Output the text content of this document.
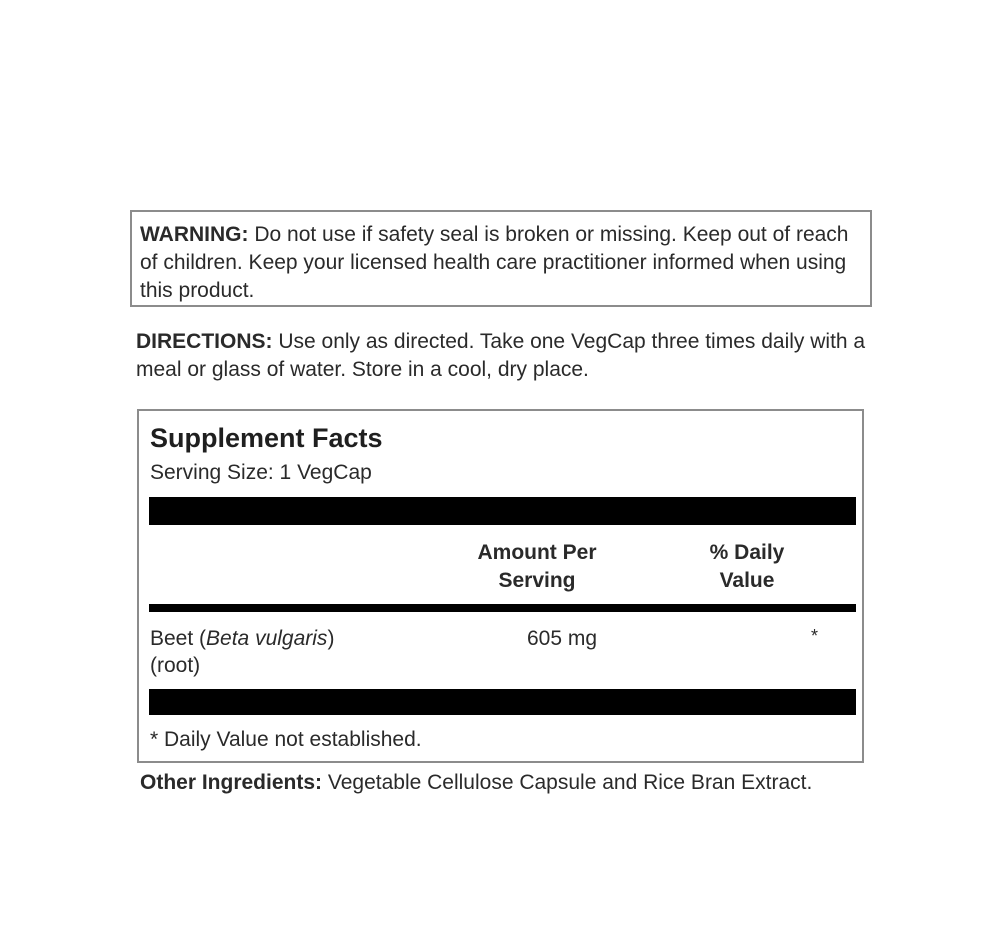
WARNING: Do not use if safety seal is broken or missing. Keep out of reach of children. Keep your licensed health care practitioner informed when using this product.
DIRECTIONS: Use only as directed. Take one VegCap three times daily with a meal or glass of water. Store in a cool, dry place.
Supplement Facts
Serving Size: 1 VegCap
Amount Per
Serving
% Daily
Value
Beet (Beta vulgaris)
(root)
605 mg	*
* Daily Value not established.
Other Ingredients: Vegetable Cellulose Capsule and Rice Bran Extract.
